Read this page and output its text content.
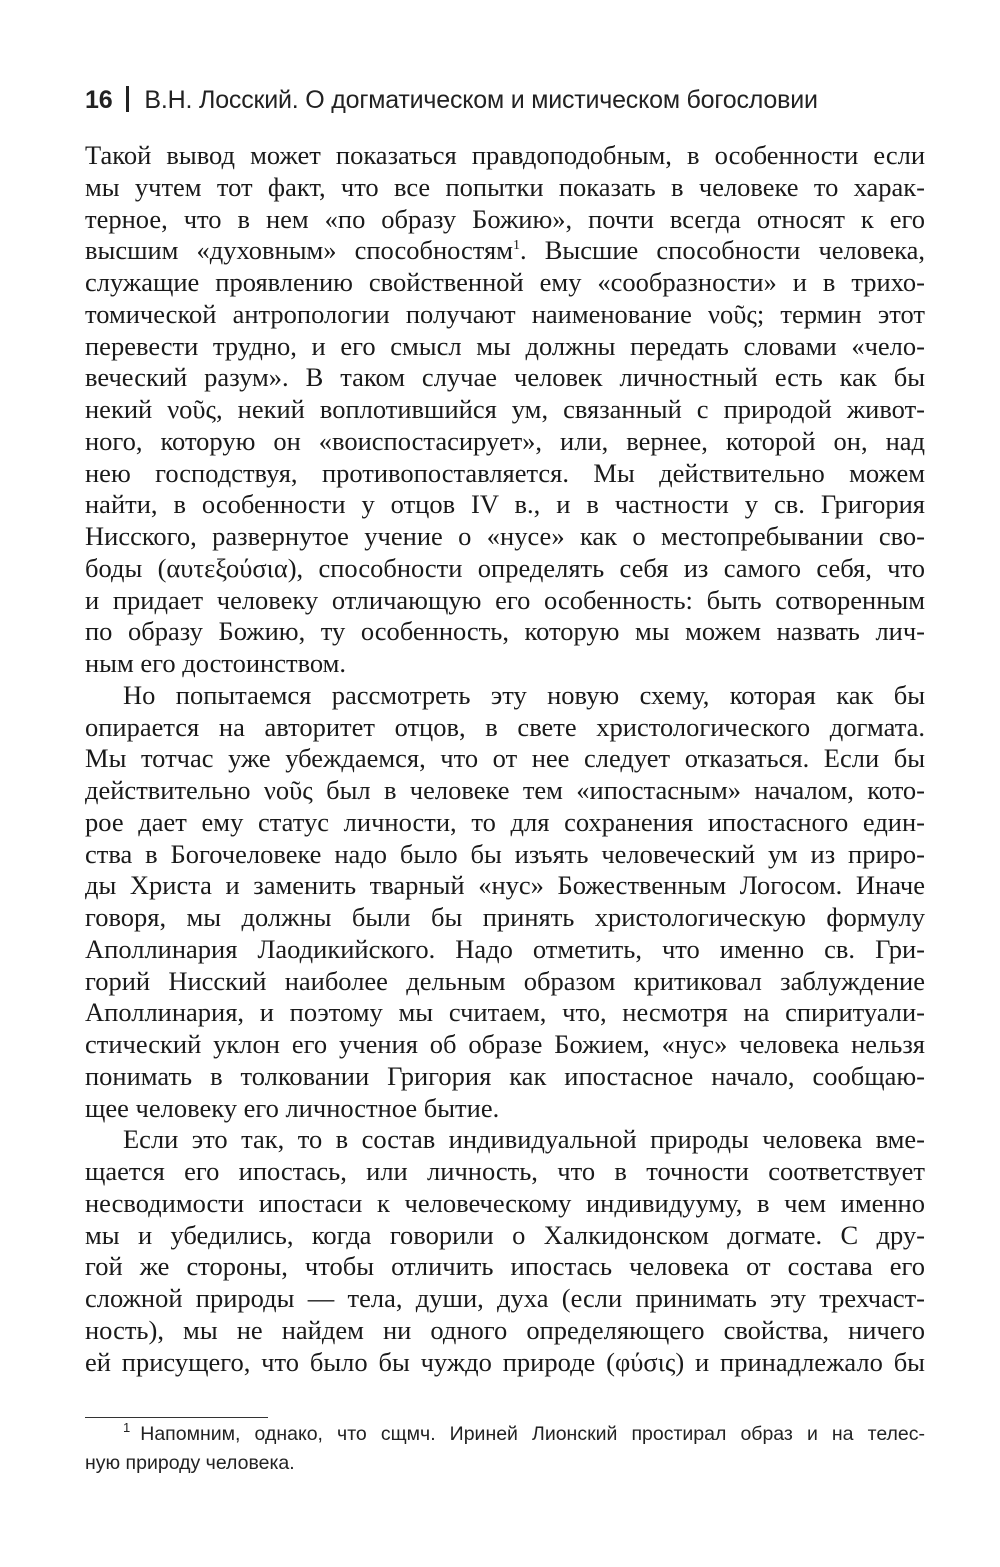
16 В.Н. Лосский. О догматическом и мистическом богословии
Такой вывод может показаться правдоподобным, в особенности если
мы учтем тот факт, что все попытки показать в человеке то харак-
терное, что в нем «по образу Божию», почти всегда относят к его
высшим «духовным» способностям$^1$. Высшие способности человека,
служащие проявлению свойственной ему «сообразности» и в трихо-
томической антропологии получают наименование νοῦς; термин этот
перевести трудно, и его смысл мы должны передать словами «чело-
веческий разум». В таком случае человек личностный есть как бы
некий νοῦς, некий воплотившийся ум, связанный с природой живот-
ного, которую он «воиспостасирует», или, вернее, которой он, над
нею господствуя, противопоставляется. Мы действительно можем
найти, в особенности у отцов IV в., и в частности у св. Григория
Нисского, развернутое учение о «нусе» как о местопребывании сво-
боды (αυτεξούσια), способности определять себя из самого себя, что
и придает человеку отличающую его особенность: быть сотворенным
по образу Божию, ту особенность, которую мы можем назвать лич-
ным его достоинством.
Но попытаемся рассмотреть эту новую схему, которая как бы
опирается на авторитет отцов, в свете христологического догмата.
Мы тотчас уже убеждаемся, что от нее следует отказаться. Если бы
действительно νοῦς был в человеке тем «ипостасным» началом, кото-
рое дает ему статус личности, то для сохранения ипостасного един-
ства в Богочеловеке надо было бы изъять человеческий ум из приро-
ды Христа и заменить тварный «нус» Божественным Логосом. Иначе
говоря, мы должны были бы принять христологическую формулу
Аполлинария Лаодикийского. Надо отметить, что именно св. Гри-
горий Нисский наиболее дельным образом критиковал заблуждение
Аполлинария, и поэтому мы считаем, что, несмотря на спиритуали-
стический уклон его учения об образе Божием, «нус» человека нельзя
понимать в толковании Григория как ипостасное начало, сообщаю-
щее человеку его личностное бытие.
Если это так, то в состав индивидуальной природы человека вме-
щается его ипостась, или личность, что в точности соответствует
несводимости ипостаси к человеческому индивидууму, в чем именно
мы и убедились, когда говорили о Халкидонском догмате. С дру-
гой же стороны, чтобы отличить ипостась человека от состава его
сложной природы — тела, души, духа (если принимать эту трехчаст-
ность), мы не найдем ни одного определяющего свойства, ничего
ей присущего, что было бы чуждо природе (φύσις) и принадлежало бы
$^1$ Напомним, однако, что сщмч. Ириней Лионский простирал образ и на телес-
ную природу человека.
